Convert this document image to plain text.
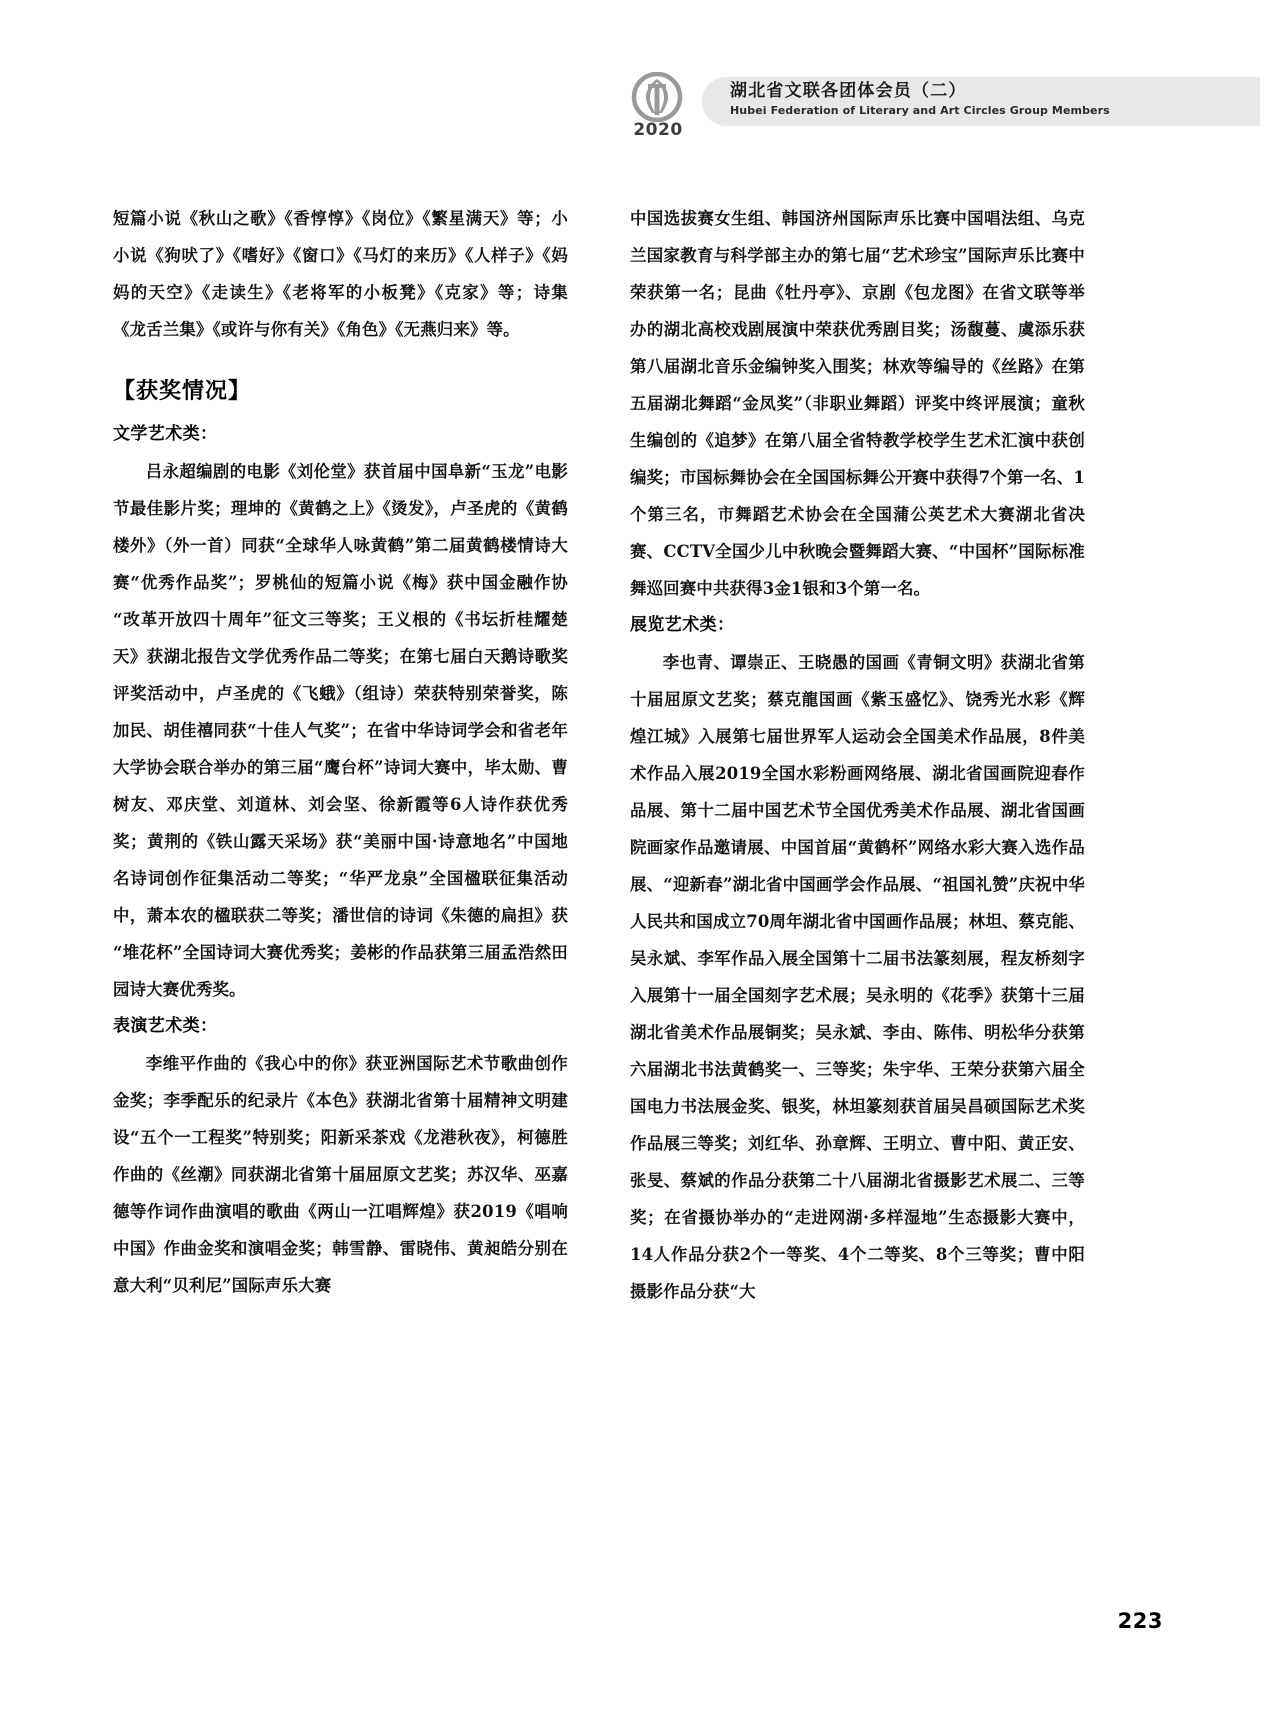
2020
湖北省文联各团体会员（二）
Hubei Federation of Literary and Art Circles Group Members

短篇小说《秋山之歌》《香惇惇》《岗位》《繁星满天》等；小小说《狗吠了》《嗜好》《窗口》《马灯的来历》《人样子》《妈妈的天空》《走读生》《老将军的小板凳》《克家》等；诗集《龙舌兰集》《或许与你有关》《角色》《无燕归来》等。

【获奖情况】
文学艺术类：

吕永超编剧的电影《刘伦堂》获首届中国阜新“玉龙”电影节最佳影片奖；理坤的《黄鹤之上》《烫发》，卢圣虎的《黄鹤楼外》（外一首）同获“全球华人咏黄鹤”第二届黄鹤楼情诗大赛“优秀作品奖”；罗桃仙的短篇小说《梅》获中国金融作协“改革开放四十周年”征文三等奖；王义根的《书坛折桂耀楚天》获湖北报告文学优秀作品二等奖；在第七届白天鹅诗歌奖评奖活动中，卢圣虎的《飞蛾》（组诗）荣获特别荣誉奖，陈加民、胡佳禧同获“十佳人气奖”；在省中华诗词学会和省老年大学协会联合举办的第三届“鹰台杯”诗词大赛中，毕太勋、曹树友、邓庆堂、刘道林、刘会坚、徐新霞等6人诗作获优秀奖；黄荆的《铁山露天采场》获“美丽中国·诗意地名”中国地名诗词创作征集活动二等奖；“华严龙泉”全国楹联征集活动中，萧本农的楹联获二等奖；潘世信的诗词《朱德的扁担》获“堆花杯”全国诗词大赛优秀奖；姜彬的作品获第三届孟浩然田园诗大赛优秀奖。

表演艺术类：

李维平作曲的《我心中的你》获亚洲国际艺术节歌曲创作金奖；李季配乐的纪录片《本色》获湖北省第十届精神文明建设“五个一工程奖”特别奖；阳新采茶戏《龙港秋夜》，柯德胜作曲的《丝潮》同获湖北省第十届屈原文艺奖；苏汉华、巫嘉德等作词作曲演唱的歌曲《两山一江唱辉煌》获2019《唱响中国》作曲金奖和演唱金奖；韩雪静、雷晓伟、黄昶皓分别在意大利“贝利尼”国际声乐大赛

中国选拔赛女生组、韩国济州国际声乐比赛中国唱法组、乌克兰国家教育与科学部主办的第七届“艺术珍宝”国际声乐比赛中荣获第一名；昆曲《牡丹亭》、京剧《包龙图》在省文联等举办的湖北高校戏剧展演中荣获优秀剧目奖；汤馥蔓、虞添乐获第八届湖北音乐金编钟奖入围奖；林欢等编导的《丝路》在第五届湖北舞蹈“金凤奖”（非职业舞蹈）评奖中终评展演；童秋生编创的《追梦》在第八届全省特教学校学生艺术汇演中获创编奖；市国标舞协会在全国国标舞公开赛中获得7个第一名、1个第三名，市舞蹈艺术协会在全国蒲公英艺术大赛湖北省决赛、CCTV全国少儿中秋晚会暨舞蹈大赛、“中国杯”国际标准舞巡回赛中共获得3金1银和3个第一名。

展览艺术类：

李也青、谭崇正、王晓愚的国画《青铜文明》获湖北省第十届屈原文艺奖；蔡克龍国画《紫玉盛忆》、饶秀光水彩《辉煌江城》入展第七届世界军人运动会全国美术作品展，8件美术作品入展2019全国水彩粉画网络展、湖北省国画院迎春作品展、第十二届中国艺术节全国优秀美术作品展、湖北省国画院画家作品邀请展、中国首届“黄鹤杯”网络水彩大赛入选作品展、“迎新春”湖北省中国画学会作品展、“祖国礼赞”庆祝中华人民共和国成立70周年湖北省中国画作品展；林坦、蔡克能、吴永斌、李军作品入展全国第十二届书法篆刻展，程友桥刻字入展第十一届全国刻字艺术展；吴永明的《花季》获第十三届湖北省美术作品展铜奖；吴永斌、李由、陈伟、明松华分获第六届湖北书法黄鹤奖一、三等奖；朱宇华、王荣分获第六届全国电力书法展金奖、银奖，林坦篆刻获首届吴昌硕国际艺术奖作品展三等奖；刘红华、孙章辉、王明立、曹中阳、黄正安、张旻、蔡斌的作品分获第二十八届湖北省摄影艺术展二、三等奖；在省摄协举办的“走进网湖·多样湿地”生态摄影大赛中，14人作品分获2个一等奖、4个二等奖、8个三等奖；曹中阳摄影作品分获“大

223
